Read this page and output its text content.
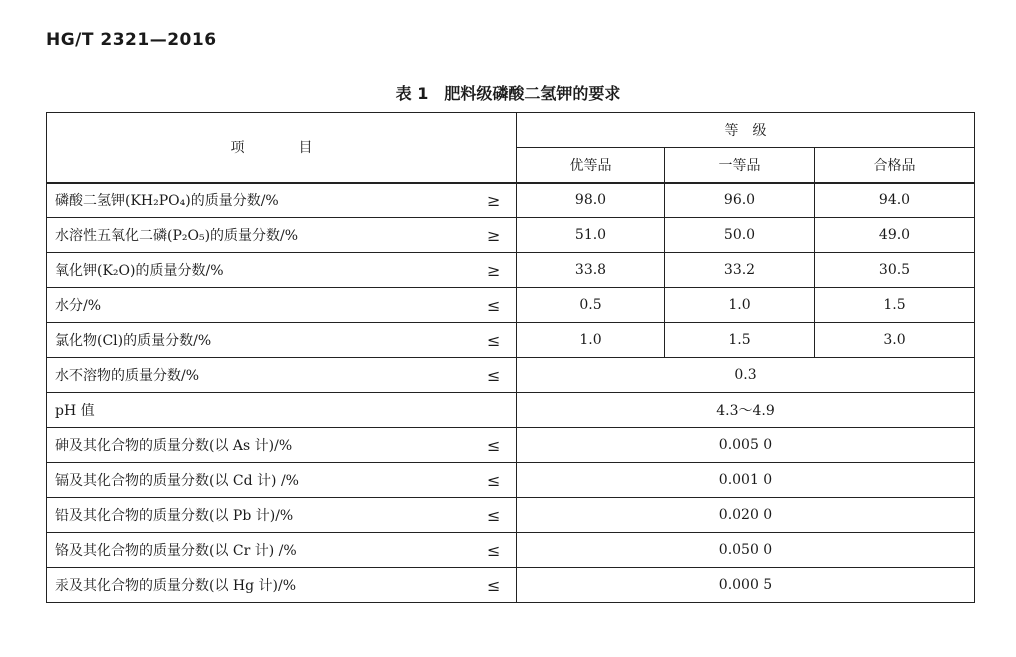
HG/T 2321—2016
表 1　肥料级磷酸二氢钾的要求
项　目		等　级		
		优等品	一等品	合格品
磷酸二氢钾(KH₂PO₄)的质量分数/%	≥	98.0	96.0	94.0
水溶性五氧化二磷(P₂O₅)的质量分数/%	≥	51.0	50.0	49.0
氧化钾(K₂O)的质量分数/%	≥	33.8	33.2	30.5
水分/%	≤	0.5	1.0	1.5
氯化物(Cl)的质量分数/%	≤	1.0	1.5	3.0
水不溶物的质量分数/%	≤	0.3		
pH 值		4.3～4.9		
砷及其化合物的质量分数(以 As 计)/%	≤	0.005 0		
镉及其化合物的质量分数(以 Cd 计) /%	≤	0.001 0		
铅及其化合物的质量分数(以 Pb 计)/%	≤	0.020 0		
铬及其化合物的质量分数(以 Cr 计) /%	≤	0.050 0		
汞及其化合物的质量分数(以 Hg 计)/%	≤	0.000 5		
